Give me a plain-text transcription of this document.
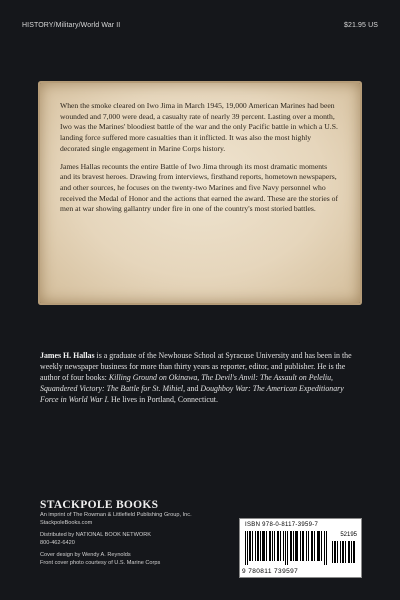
HISTORY/Military/World War II	$21.95 US

When the smoke cleared on Iwo Jima in March 1945, 19,000 American Marines had been wounded and 7,000 were dead, a casualty rate of nearly 39 percent. Lasting over a month, Iwo was the Marines' bloodiest battle of the war and the only Pacific battle in which a U.S. landing force suffered more casualties than it inflicted. It was also the most highly decorated single engagement in Marine Corps history.

James Hallas recounts the entire Battle of Iwo Jima through its most dramatic moments and its bravest heroes. Drawing from interviews, firsthand reports, hometown newspapers, and other sources, he focuses on the twenty-two Marines and five Navy personnel who received the Medal of Honor and the actions that earned the award. These are the stories of men at war showing gallantry under fire in one of the country's most storied battles.

James H. Hallas is a graduate of the Newhouse School at Syracuse University and has been in the weekly newspaper business for more than thirty years as reporter, editor, and publisher. He is the author of four books: Killing Ground on Okinawa, The Devil's Anvil: The Assault on Peleliu, Squandered Victory: The Battle for St. Mihiel, and Doughboy War: The American Expeditionary Force in World War I. He lives in Portland, Connecticut.
STACKPOLE BOOKS
An imprint of The Rowman & Littlefield Publishing Group, Inc.
StackpoleBooks.com
Distributed by NATIONAL BOOK NETWORK
800-462-6420
Cover design by Wendy A. Reynolds
Front cover photo courtesy of U.S. Marine Corps
ISBN 978-0-8117-3959-7
52195
9 780811 739597
